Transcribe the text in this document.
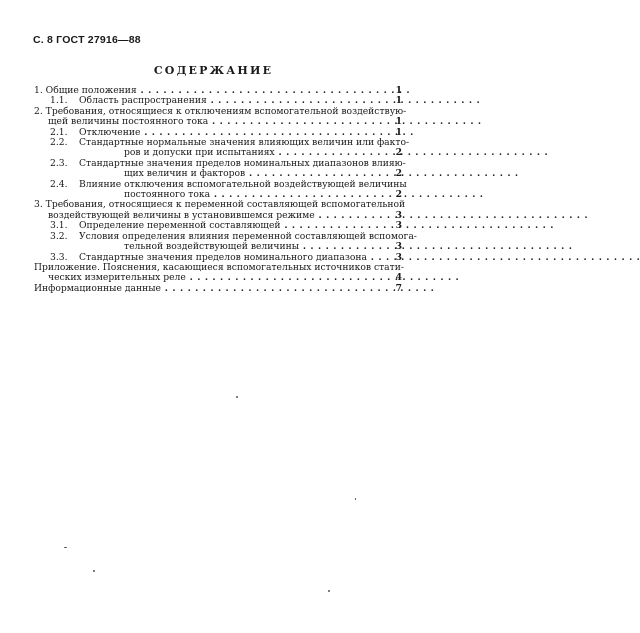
С. 8 ГОСТ 27916—88
СОДЕРЖАНИЕ
1. Общие положения . .	1
1.1. Область распространения . .	1
2. Требования, относящиеся к отключениям вспомогательной воздействую-
щей величины постоянного тока . .	1
2.1. Отключение . .	1
2.2. Стандартные нормальные значения влияющих величин или факто-
ров и допуски при испытаниях . .	2
2.3. Стандартные значения пределов номинальных диапазонов влияю-
щих величин и факторов . .	2
2.4. Влияние отключения вспомогательной воздействующей величины
постоянного тока . .	2
3. Требования, относящиеся к переменной составляющей вспомогательной
воздействующей величины в установившемся режиме . .	3
3.1. Определение переменной составляющей . .	3
3.2. Условия определения влияния переменной составляющей вспомога-
тельной воздействующей величины . .	3
3.3. Стандартные значения пределов номинального диапазона . .	3
Приложение. Пояснения, касающиеся вспомогательных источников стати-
ческих измерительных реле . .	4
Информационные данные . .	7
